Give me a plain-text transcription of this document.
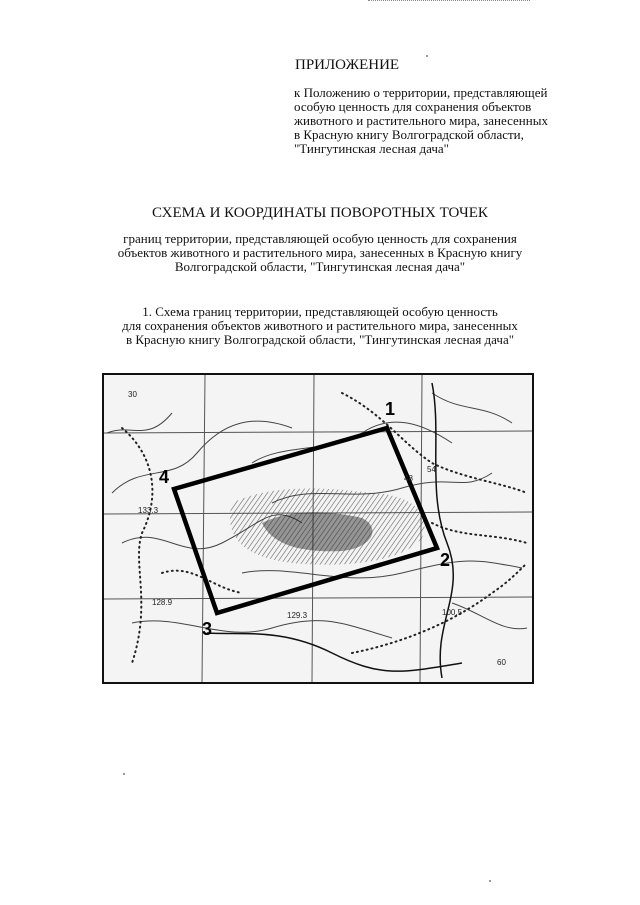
ПРИЛОЖЕНИЕ
к Положению о территории, представляющей
особую ценность для сохранения объектов
животного и растительного мира, занесенных
в Красную книгу Волгоградской области,
"Тингутинская лесная дача"
СХЕМА И КООРДИНАТЫ ПОВОРОТНЫХ ТОЧЕК
границ территории, представляющей особую ценность для сохранения
объектов животного и растительного мира, занесенных в Красную книгу
Волгоградской области, "Тингутинская лесная дача"
1. Схема границ территории, представляющей особую ценность
для сохранения объектов животного и растительного мира, занесенных
в Красную книгу Волгоградской области, "Тингутинская лесная дача"
1
2
3
4
30
54
48
133.3
129.3
128.9
100.5
60
